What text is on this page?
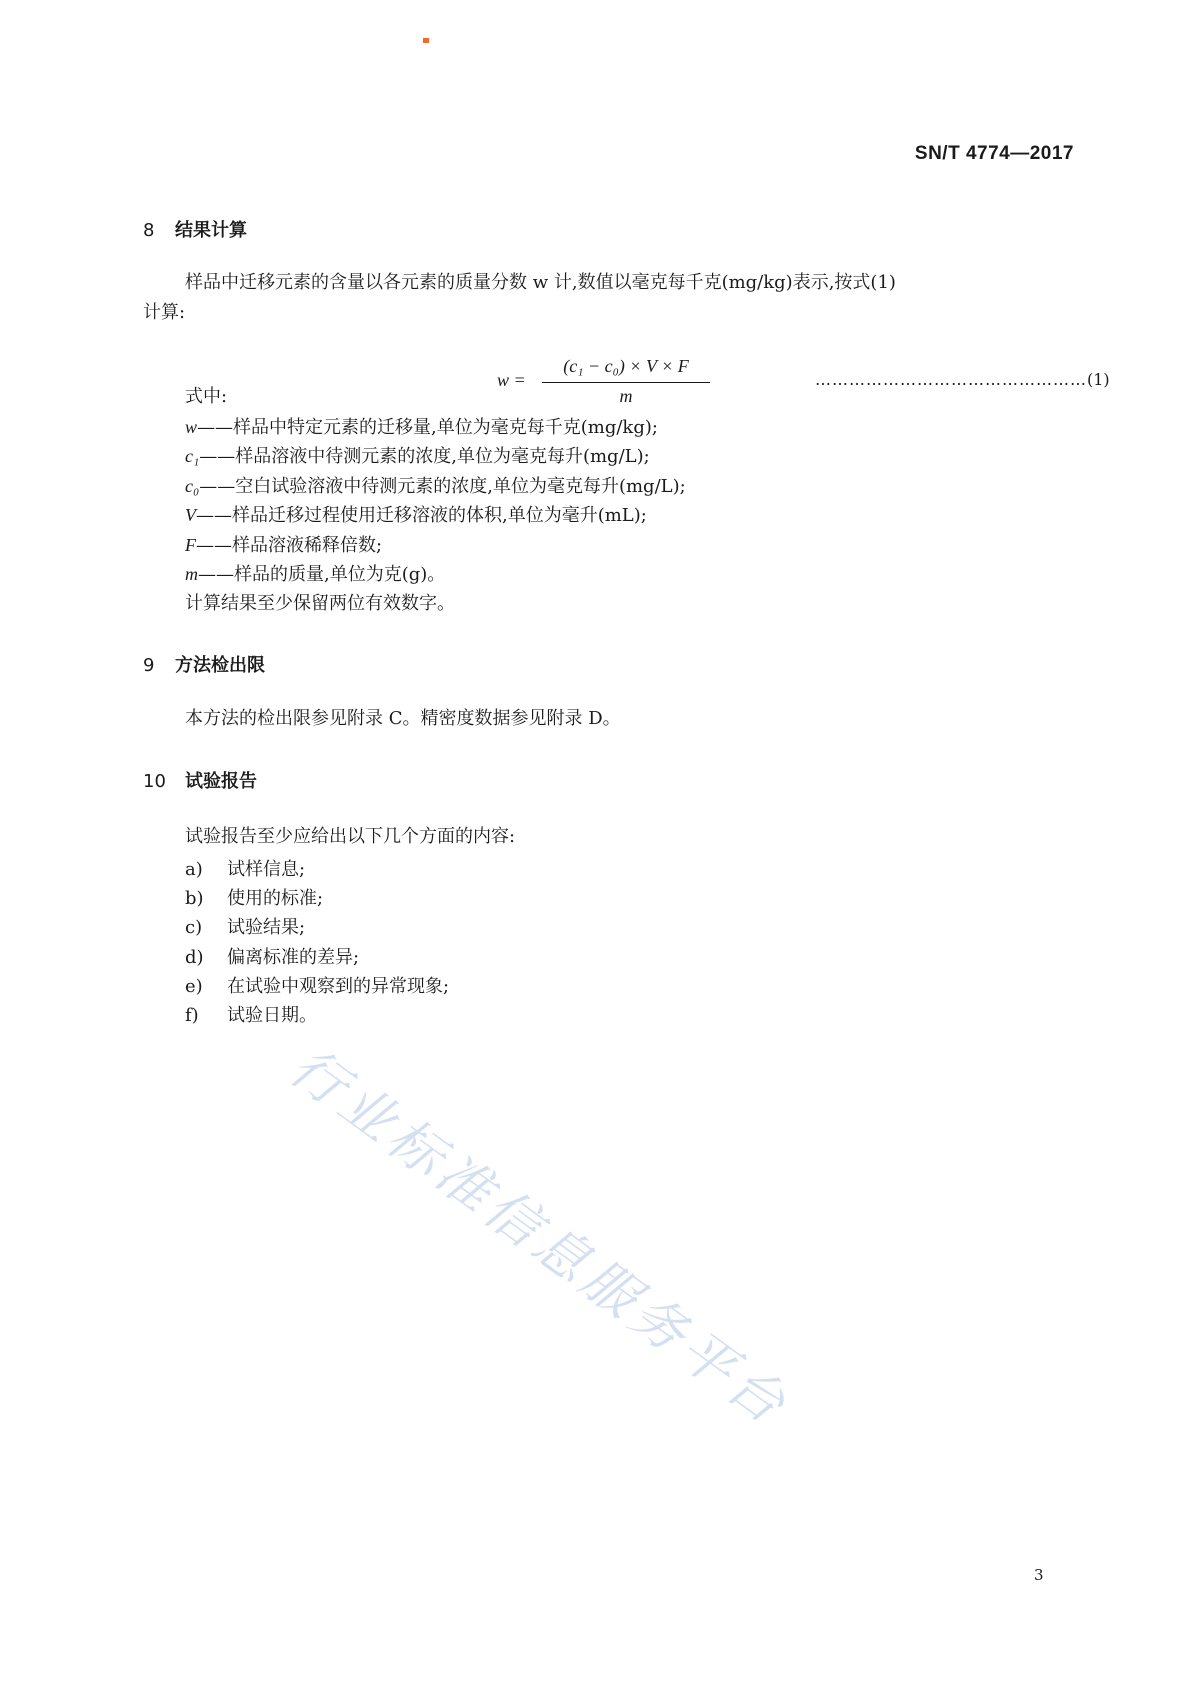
SN/T 4774—2017
8 结果计算
样品中迁移元素的含量以各元素的质量分数 w 计,数值以毫克每千克(mg/kg)表示,按式(1)
计算:
w =
(c₁ − c₀) × V × F
m
…………………………………………(1)
式中:
w——样品中特定元素的迁移量,单位为毫克每千克(mg/kg);
c₁——样品溶液中待测元素的浓度,单位为毫克每升(mg/L);
c₀——空白试验溶液中待测元素的浓度,单位为毫克每升(mg/L);
V——样品迁移过程使用迁移溶液的体积,单位为毫升(mL);
F——样品溶液稀释倍数;
m——样品的质量,单位为克(g)。
计算结果至少保留两位有效数字。
9 方法检出限
本方法的检出限参见附录 C。精密度数据参见附录 D。
10 试验报告
试验报告至少应给出以下几个方面的内容:
a) 试样信息;
b) 使用的标准;
c) 试验结果;
d) 偏离标准的差异;
e) 在试验中观察到的异常现象;
f) 试验日期。
行业标准信息服务平台
3
